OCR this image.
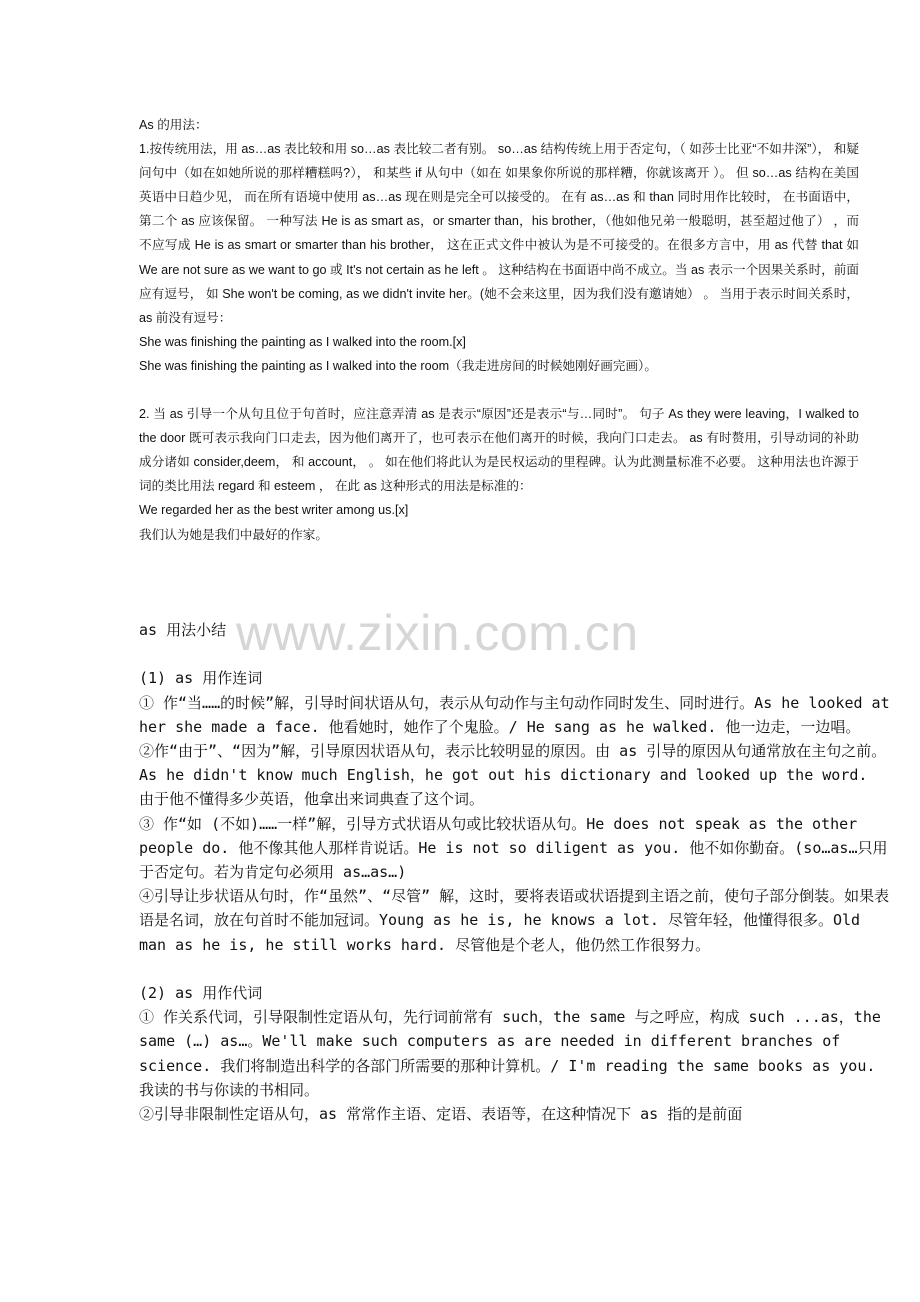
As 的用法：

1.按传统用法，用 as…as 表比较和用 so…as 表比较二者有别。 so…as 结构传统上用于否定句，（ 如莎士比亚“不如井深”）， 和疑问句中（如在如她所说的那样糟糕吗?）， 和某些 if 从句中（如在 如果象你所说的那样糟，你就该离开 ）。 但 so…as 结构在美国英语中日趋少见， 而在所有语境中使用 as…as 现在则是完全可以接受的。 在有 as…as 和 than 同时用作比较时， 在书面语中，第二个 as 应该保留。 一种写法 He is as smart as，or smarter than，his brother，（他如他兄弟一般聪明，甚至超过他了） ，而不应写成 He is as smart or smarter than his brother， 这在正式文件中被认为是不可接受的。在很多方言中，用 as 代替 that 如 We are not sure as we want to go 或 It's not certain as he left 。 这种结构在书面语中尚不成立。当 as 表示一个因果关系时，前面应有逗号， 如 She won't be coming, as we didn't invite her。(她不会来这里，因为我们没有邀请她） 。 当用于表示时间关系时，as 前没有逗号：

She was finishing the painting as I walked into the room.[x]

She was finishing the painting as I walked into the room（我走进房间的时候她刚好画完画）。

2. 当 as 引导一个从句且位于句首时，应注意弄清 as 是表示“原因”还是表示“与…同时”。 句子 As they were leaving，I walked to the door 既可表示我向门口走去，因为他们离开了，也可表示在他们离开的时候，我向门口走去。 as 有时赘用，引导动词的补助成分诸如 consider,deem， 和 account， 。 如在他们将此认为是民权运动的里程碑。认为此测量标准不必要。 这种用法也许源于词的类比用法 regard 和 esteem ， 在此 as 这种形式的用法是标准的：

We regarded her as the best writer among us.[x]

我们认为她是我们中最好的作家。

as 用法小结

(1) as 用作连词

① 作“当……的时候”解，引导时间状语从句，表示从句动作与主句动作同时发生、同时进行。As he looked at her she made a face. 他看她时，她作了个鬼脸。/ He sang as he walked. 他一边走，一边唱。

②作“由于”、“因为”解，引导原因状语从句，表示比较明显的原因。由 as 引导的原因从句通常放在主句之前。As he didn't know much English，he got out his dictionary and looked up the word. 由于他不懂得多少英语，他拿出来词典查了这个词。

③ 作“如 (不如)……一样”解，引导方式状语从句或比较状语从句。He does not speak as the other people do. 他不像其他人那样肯说话。He is not so diligent as you. 他不如你勤奋。(so…as…只用于否定句。若为肯定句必须用 as…as…)

④引导让步状语从句时，作“虽然”、“尽管” 解，这时，要将表语或状语提到主语之前，使句子部分倒装。如果表语是名词，放在句首时不能加冠词。Young as he is, he knows a lot. 尽管年轻，他懂得很多。Old man as he is, he still works hard. 尽管他是个老人，他仍然工作很努力。

(2) as 用作代词

① 作关系代词，引导限制性定语从句，先行词前常有 such，the same 与之呼应，构成 such ...as，the same (…) as…。We'll make such computers as are needed in different branches of science. 我们将制造出科学的各部门所需要的那种计算机。/ I'm reading the same books as you. 我读的书与你读的书相同。

②引导非限制性定语从句，as 常常作主语、定语、表语等，在这种情况下 as 指的是前面

www.zixin.com.cn
